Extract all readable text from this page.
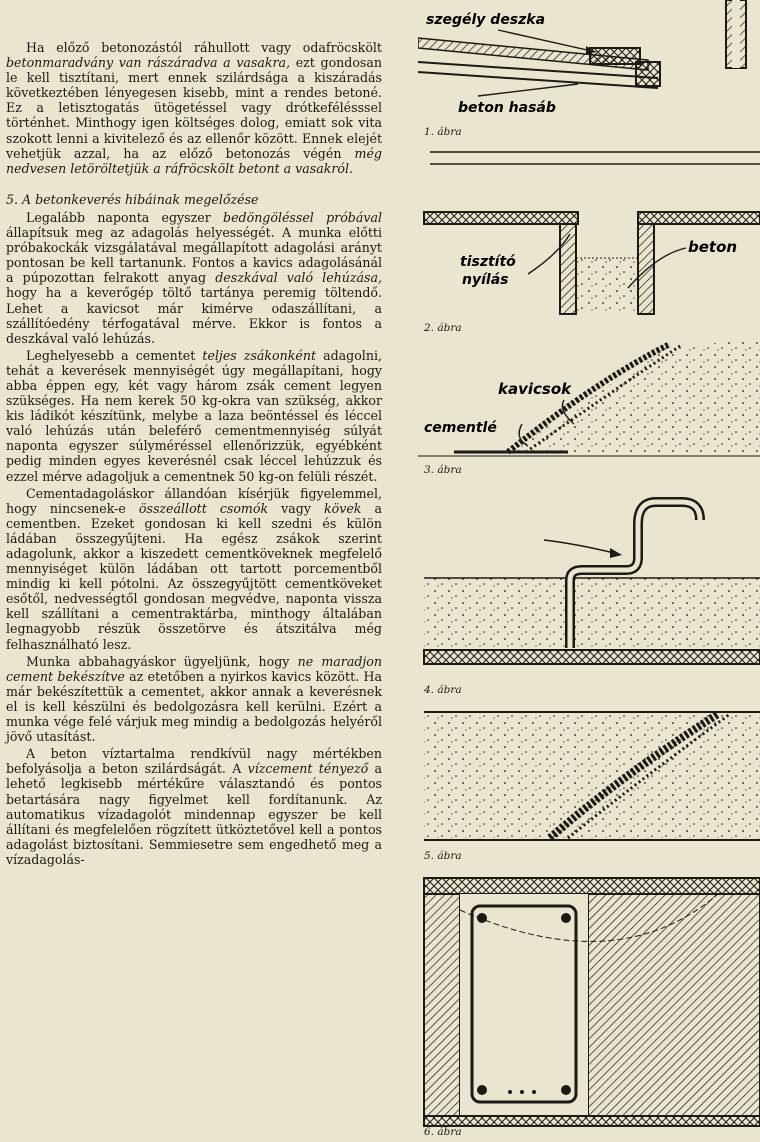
Ha előző betonozástól ráhullott vagy odafröcskölt betonmaradvány van rászáradva a vasakra, ezt gondosan le kell tisztítani, mert ennek szilárdsága a kiszáradás következtében lényegesen kisebb, mint a rendes betoné. Ez a letisztogatás ütögetéssel vagy drótkefélésssel történhet. Minthogy igen költséges dolog, emiatt sok vita szokott lenni a kivitelező és az ellenőr között. Ennek elejét vehetjük azzal, ha az előző betonozás végén még nedvesen letöröltetjük a ráfröcskölt betont a vasakról.

5. A betonkeverés hibáinak megelőzése

Legalább naponta egyszer bedöngöléssel próbával állapítsuk meg az adagolás helyességét. A munka előtti próbakockák vizsgálatával megállapított adagolási arányt pontosan be kell tartanunk. Fontos a kavics adagolásánál a púpozottan felrakott anyag deszkával való lehúzása, hogy ha a keverőgép töltő tartánya peremig töltendő. Lehet a kavicsot már kimérve odaszállítani, a szállítóedény térfogatával mérve. Ekkor is fontos a deszkával való lehúzás.

Leghelyesebb a cementet teljes zsákonként adagolni, tehát a keverések mennyiségét úgy megállapítani, hogy abba éppen egy, két vagy három zsák cement legyen szükséges. Ha nem kerek 50 kg-okra van szükség, akkor kis ládikót készítünk, melybe a laza beöntéssel és léccel való lehúzás után beleférő cementmennyiség súlyát naponta egyszer súlyméréssel ellenőrizzük, egyébként pedig minden egyes keverésnél csak léccel lehúzzuk és ezzel mérve adagoljuk a cementnek 50 kg-on felüli részét.

Cementadagoláskor állandóan kísérjük figyelemmel, hogy nincsenek-e összeállott csomók vagy kövek a cementben. Ezeket gondosan ki kell szedni és külön ládában összegyűjteni. Ha egész zsákok szerint adagolunk, akkor a kiszedett cementköveknek megfelelő mennyiséget külön ládában ott tartott porcementből mindig ki kell pótolni. Az összegyűjtött cementköveket esőtől, nedvességtől gondosan megvédve, naponta vissza kell szállítani a cementraktárba, minthogy általában legnagyobb részük összetörve és átszitálva még felhasználható lesz.

Munka abbahagyáskor ügyeljünk, hogy ne maradjon cement bekészítve az etetőben a nyirkos kavics között. Ha már bekészítettük a cementet, akkor annak a keverésnek el is kell készülni és bedolgozásra kell kerülni. Ezért a munka vége felé várjuk meg mindig a bedolgozás helyéről jövő utasítást.

A beton víztartalma rendkívül nagy mértékben befolyásolja a beton szilárdságát. A vízcement tényező a lehető legkisebb mértékűre választandó és pontos betartására nagy figyelmet kell fordítanunk. Az automatikus vízadagolót mindennap egyszer be kell állítani és megfelelően rögzített ütköztetővel kell a pontos adagolást biztosítani. Semmiesetre sem engedhető meg a vízadagolás-

szegély deszka
beton hasáb
1. ábra
tisztító
nyílás
beton
2. ábra
kavicsok
cementlé
3. ábra
4. ábra
5. ábra
6. ábra
